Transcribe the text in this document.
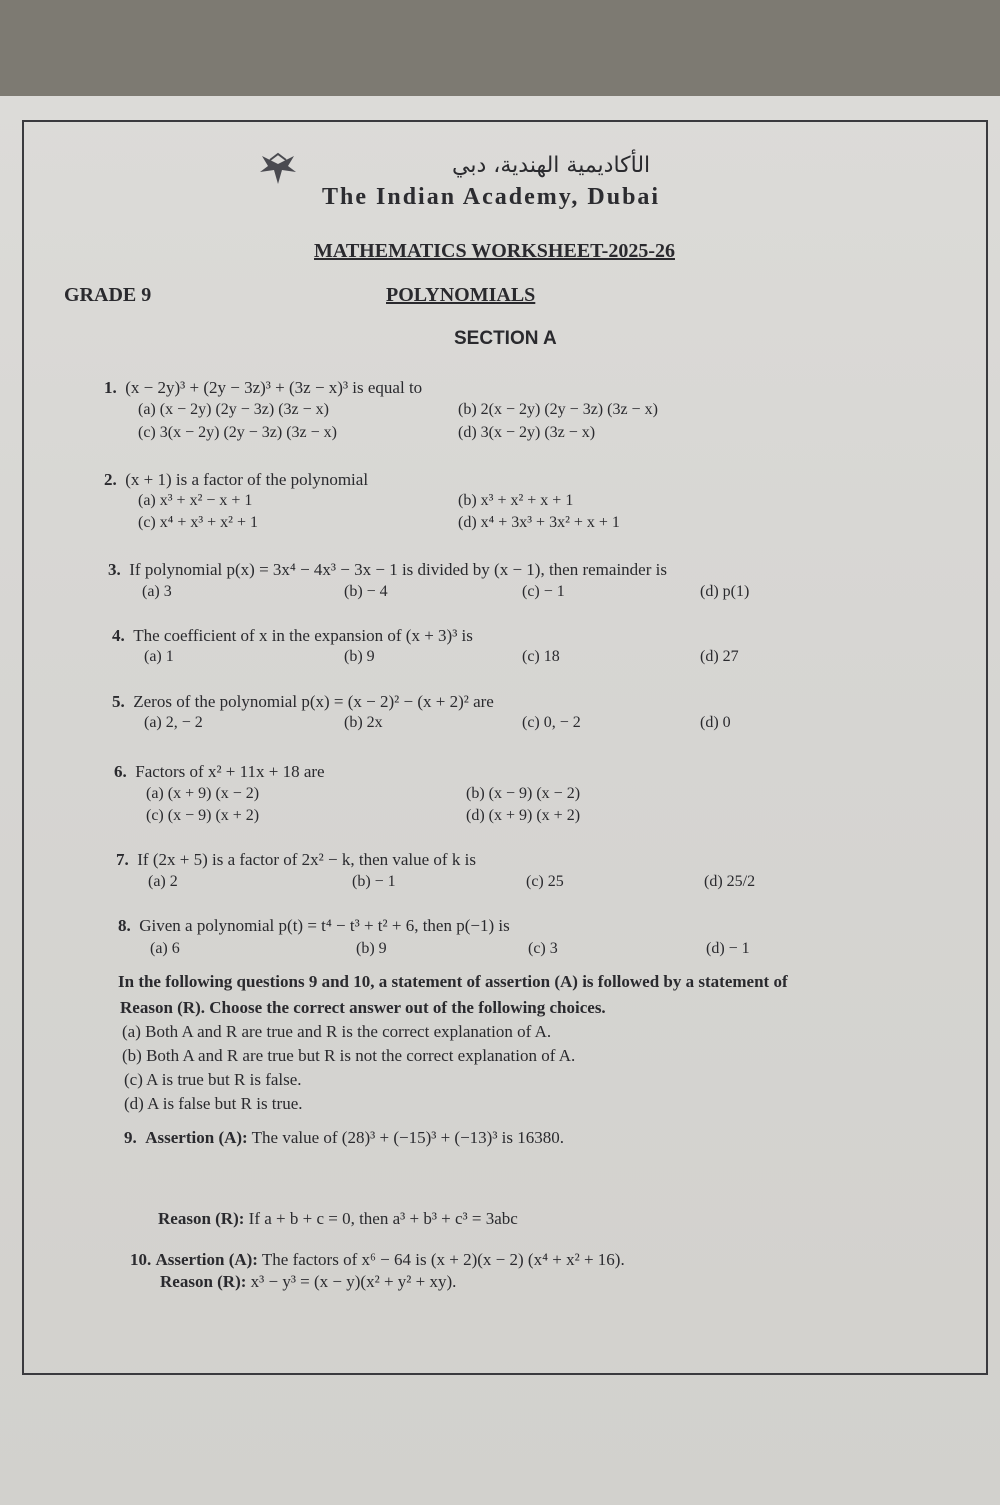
الأكاديمية الهندية، دبي
The Indian Academy, Dubai
MATHEMATICS WORKSHEET-2025-26
GRADE 9	POLYNOMIALS
SECTION A
1. (x − 2y)³ + (2y − 3z)³ + (3z − x)³ is equal to
(a) (x − 2y) (2y − 3z) (3z − x)	(b) 2(x − 2y) (2y − 3z) (3z − x)
(c) 3(x − 2y) (2y − 3z) (3z − x)	(d) 3(x − 2y) (3z − x)
2. (x + 1) is a factor of the polynomial
(a) x³ + x² − x + 1	(b) x³ + x² + x + 1
(c) x⁴ + x³ + x² + 1	(d) x⁴ + 3x³ + 3x² + x + 1
3. If polynomial p(x) = 3x⁴ − 4x³ − 3x − 1 is divided by (x − 1), then remainder is
(a) 3	(b) − 4	(c) − 1	(d) p(1)
4. The coefficient of x in the expansion of (x + 3)³ is
(a) 1	(b) 9	(c) 18	(d) 27
5. Zeros of the polynomial p(x) = (x − 2)² − (x + 2)² are
(a) 2, − 2	(b) 2x	(c) 0, − 2	(d) 0
6. Factors of x² + 11x + 18 are
(a) (x + 9) (x − 2)	(b) (x − 9) (x − 2)
(c) (x − 9) (x + 2)	(d) (x + 9) (x + 2)
7. If (2x + 5) is a factor of 2x² − k, then value of k is
(a) 2	(b) − 1	(c) 25	(d) 25/2
8. Given a polynomial p(t) = t⁴ − t³ + t² + 6, then p(−1) is
(a) 6	(b) 9	(c) 3	(d) − 1
In the following questions 9 and 10, a statement of assertion (A) is followed by a statement of
Reason (R). Choose the correct answer out of the following choices.
(a) Both A and R are true and R is the correct explanation of A.
(b) Both A and R are true but R is not the correct explanation of A.
(c) A is true but R is false.
(d) A is false but R is true.
9. Assertion (A): The value of (28)³ + (−15)³ + (−13)³ is 16380.
Reason (R): If a + b + c = 0, then a³ + b³ + c³ = 3abc
10. Assertion (A): The factors of x⁶ − 64 is (x + 2)(x − 2) (x⁴ + x² + 16).
Reason (R): x³ − y³ = (x − y)(x² + y² + xy).
